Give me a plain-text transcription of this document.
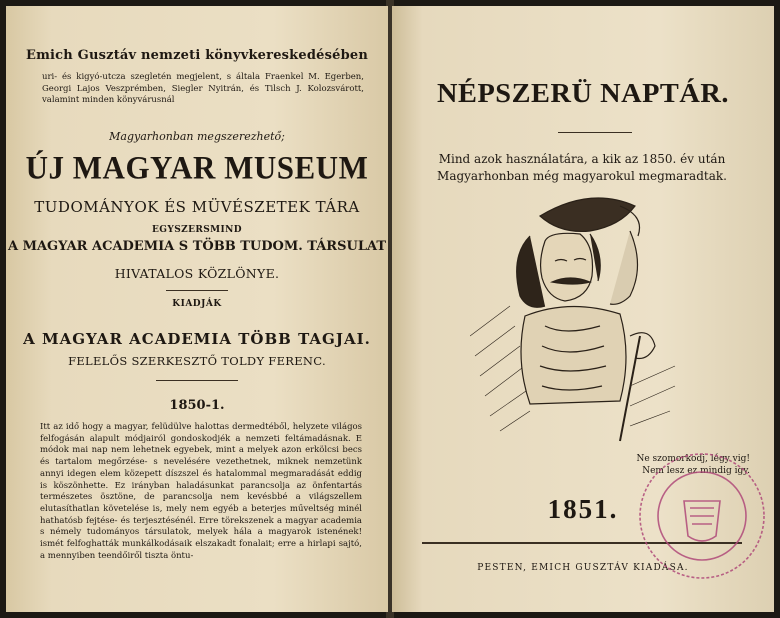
Emich Gusztáv nemzeti könyvkereskedésében
uri- és kigyó-utcza szegletén megjelent, s általa Fraenkel M. Egerben, Georgi Lajos Veszprémben, Siegler Nyitrán, és Tilsch J. Kolozsvárott, valamint minden könyvárusnál
Magyarhonban megszerezhető;
ÚJ MAGYAR MUSEUM
TUDOMÁNYOK ÉS MÜVÉSZETEK TÁRA
EGYSZERSMIND
A MAGYAR ACADEMIA S TÖBB TUDOM. TÁRSULAT
HIVATALOS KÖZLÖNYE.
KIADJÁK
A MAGYAR ACADEMIA TÖBB TAGJAI.
FELELŐS SZERKESZTŐ TOLDY FERENC.
1850-1.
Itt az idő hogy a magyar, felüdülve halottas dermedtéből, helyzete világos felfogásán alapult módjairól gondoskodjék a nemzeti feltámadásnak. E módok mai nap nem lehetnek egyebek, mint a melyek azon erkölcsi becs és tartalom megőrzése- s nevelésére vezethetnek, miknek nemzetünk annyi idegen elem közepett díszszel és hatalommal megmaradását eddig is köszönhette. Ez irányban haladásunkat parancsolja az önfentartás természetes ösztöne, de parancsolja nem kevésbbé a világszellem elutasíthatlan követelése is, mely nem egyéb a beterjes műveltség minél hathatósb fejtése- és terjesztésénél. Erre törekszenek a magyar academia s némely tudományos társulatok, melyek hála a magyarok istenének! ismét felfoghatták munkálkodásaik elszakadt fonalait; erre a hirlapi sajtó, a mennyiben teendőiről tiszta öntu-
NÉPSZERÜ NAPTÁR.
Mind azok használatára, a kik az 1850. év után Magyarhonban még magyarokul megmaradtak.
Ne szomorkodj, légy vig!
Nem lesz ez mindig igy.
1851.
PESTEN, EMICH GUSZTÁV KIADÁSA.
